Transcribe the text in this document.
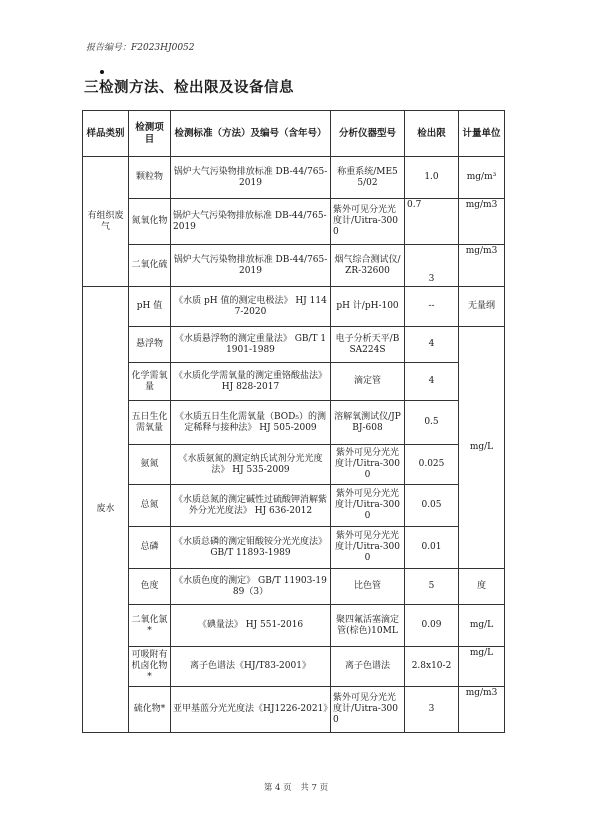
报告编号：F2023HJ0052
三检测方法、检出限及设备信息
样品类别	检测项目	检测标准（方法）及编号（含年号）	分析仪器型号	检出限	计量单位
有组织废气	颗粒物	锅炉大气污染物排放标准 DB-44/765-2019	称重系统/ME55/02	1.0	mg/m³
	氮氧化物	锅炉大气污染物排放标准 DB-44/765-2019	紫外可见分光光度计/Uitra-3000	0.7	mg/m3
	二氧化硫	锅炉大气污染物排放标准 DB-44/765-2019	烟气综合测试仪/ZR-32600	3	mg/m3
废水	pH 值	《水质 pH 值的测定电极法》 HJ 1147-2020	pH 计/pH-100	--	无量纲
	悬浮物	《水质悬浮物的测定重量法》 GB/T 11901-1989	电子分析天平/BSA224S	4	mg/L
	化学需氧量	《水质化学需氧量的测定重铬酸盐法》 HJ 828-2017	滴定管	4	
	五日生化需氧量	《水质五日生化需氧量（BOD₅）的测定稀释与接种法》 HJ 505-2009	溶解氧测试仪/JPBJ-608	0.5	
	氨氮	《水质氨氮的测定纳氏试剂分光光度法》 HJ 535-2009	紫外可见分光光度计/Uitra-3000	0.025	
	总氮	《水质总氮的测定碱性过硫酸钾消解紫外分光光度法》 HJ 636-2012	紫外可见分光光度计/Uitra-3000	0.05	
	总磷	《水质总磷的测定钼酸铵分光光度法》 GB/T 11893-1989	紫外可见分光光度计/Uitra-3000	0.01	
	色度	《水质色度的测定》 GB/T 11903-1989（3）	比色管	5	度
	二氧化氯*	《碘量法》 HJ 551-2016	聚四氟活塞滴定管(棕色)10ML	0.09	mg/L
	可吸附有机卤化物*	离子色谱法《HJ/T83-2001》	离子色谱法	2.8x10-2	mg/L
	硫化物*	亚甲基蓝分光光度法《HJ1226-2021》	紫外可见分光光度计/Uitra-3000	3	mg/m3
第 4 页 共 7 页
